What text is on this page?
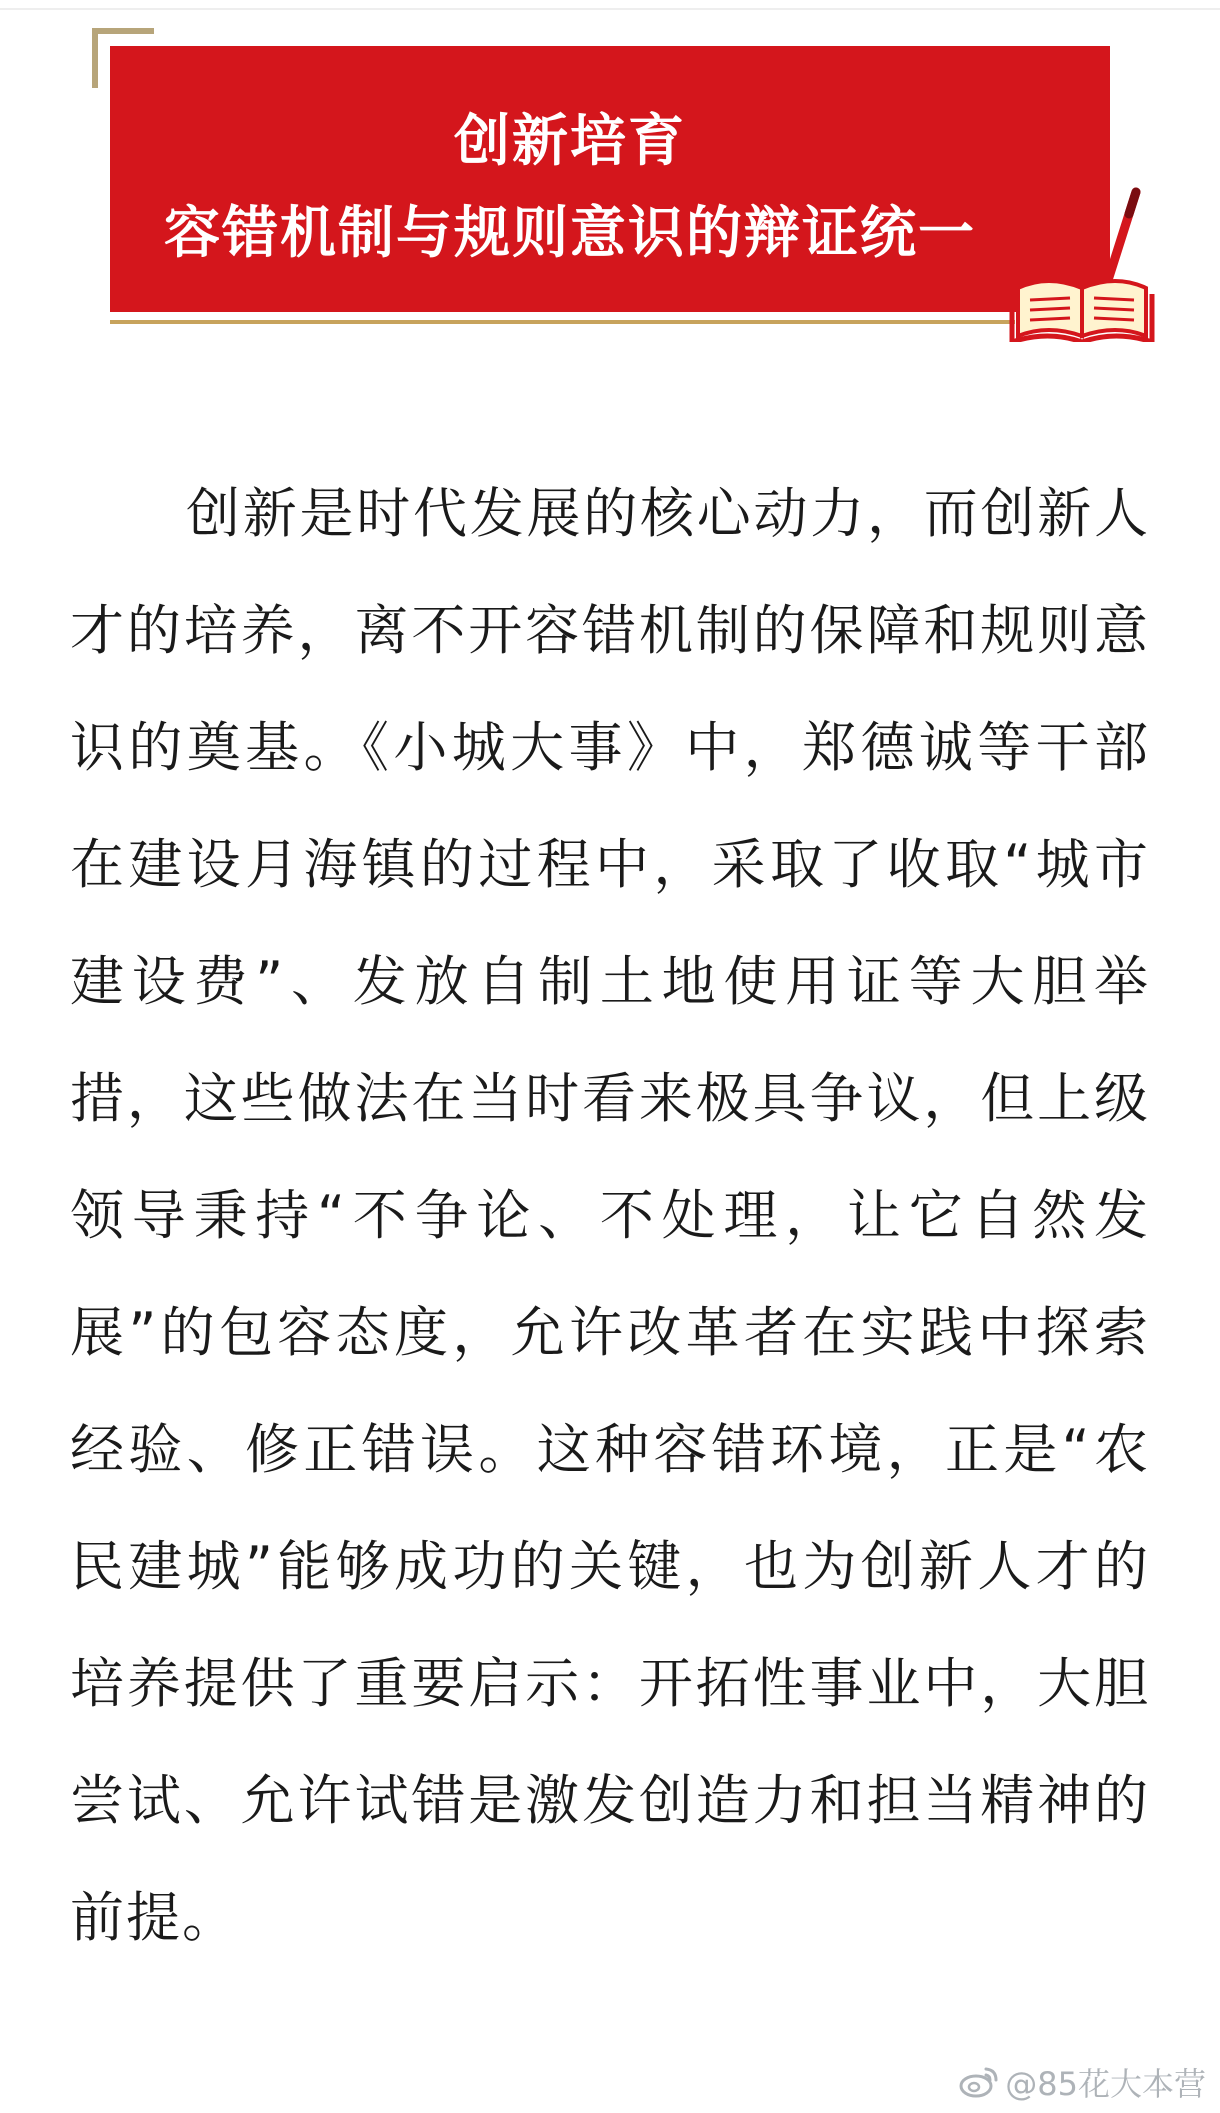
创新培育
容错机制与规则意识的辩证统一

创新是时代发展的核心动力，而创新人才的培养，离不开容错机制的保障和规则意识的奠基。《小城大事》中，郑德诚等干部在建设月海镇的过程中，采取了收取“城市建设费”、发放自制土地使用证等大胆举措，这些做法在当时看来极具争议，但上级领导秉持“不争论、不处理，让它自然发展”的包容态度，允许改革者在实践中探索经验、修正错误。这种容错环境，正是“农民建城”能够成功的关键，也为创新人才的培养提供了重要启示：开拓性事业中，大胆尝试、允许试错是激发创造力和担当精神的前提。

@85花大本营
